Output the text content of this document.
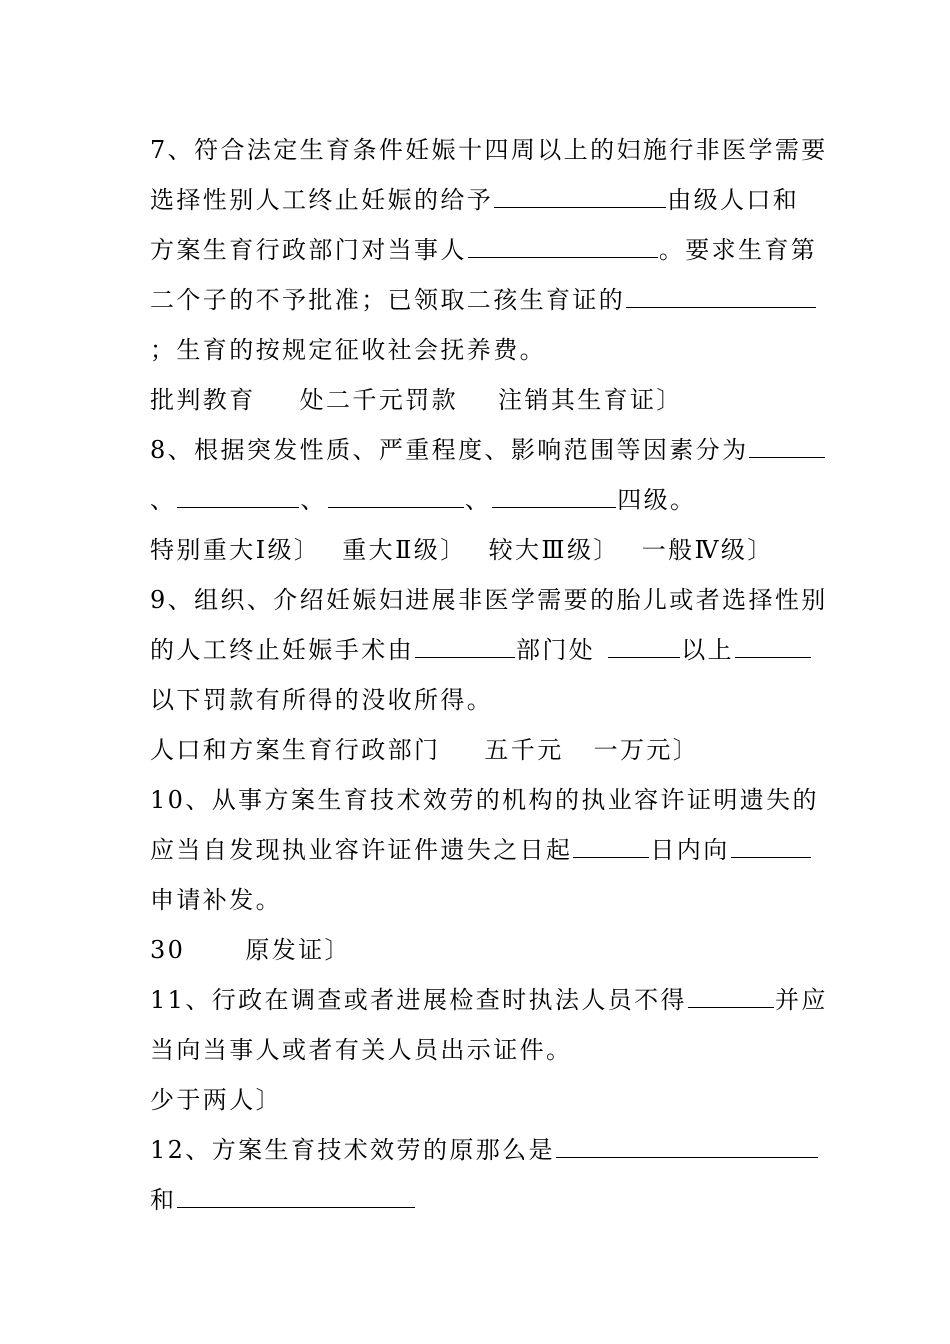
7、符合法定生育条件妊娠十四周以上的妇施行非医学需要
选择性别人工终止妊娠的给予	由级人口和
方案生育行政部门对当事人	。要求生育第
二个子的不予批准；已领取二孩生育证的
；生育的按规定征收社会抚养费。
批判教育 处二千元罚款 注销其生育证〕
8、根据突发性质、严重程度、影响范围等因素分为
、	、	、	四级。
特别重大Ⅰ级〕 重大Ⅱ级〕 较大Ⅲ级〕 一般Ⅳ级〕
9、组织、介绍妊娠妇进展非医学需要的胎儿或者选择性别
的人工终止妊娠手术由	部门处	以上
以下罚款有所得的没收所得。
人口和方案生育行政部门 五千元 一万元〕
10、从事方案生育技术效劳的机构的执业容许证明遗失的
应当自发现执业容许证件遗失之日起	日内向
申请补发。
30	原发证〕
11、行政在调查或者进展检查时执法人员不得	并应
当向当事人或者有关人员出示证件。
少于两人〕
12、方案生育技术效劳的原那么是
和
